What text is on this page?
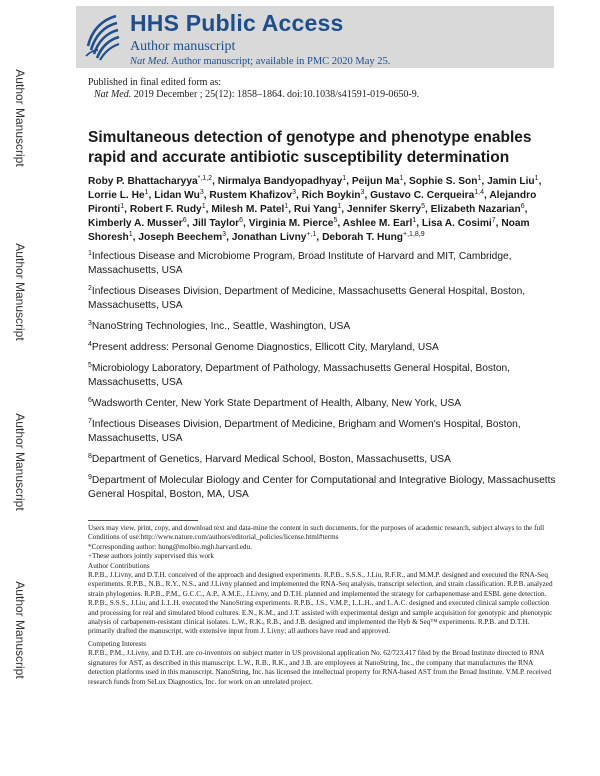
Author Manuscript
Author Manuscript
Author Manuscript
Author Manuscript
HHS Public Access
Author manuscript
Nat Med. Author manuscript; available in PMC 2020 May 25.
Published in final edited form as:
Nat Med. 2019 December ; 25(12): 1858–1864. doi:10.1038/s41591-019-0650-9.
Simultaneous detection of genotype and phenotype enables rapid and accurate antibiotic susceptibility determination
Roby P. Bhattacharyya$^{*,1,2}$, Nirmalya Bandyopadhyay$^1$, Peijun Ma$^1$, Sophie S. Son$^1$, Jamin Liu$^1$, Lorrie L. He$^1$, Lidan Wu$^3$, Rustem Khafizov$^3$, Rich Boykin$^3$, Gustavo C. Cerqueira$^{1,4}$, Alejandro Pironti$^1$, Robert F. Rudy$^1$, Milesh M. Patel$^1$, Rui Yang$^1$, Jennifer Skerry$^5$, Elizabeth Nazarian$^6$, Kimberly A. Musser$^6$, Jill Taylor$^6$, Virginia M. Pierce$^5$, Ashlee M. Earl$^1$, Lisa A. Cosimi$^7$, Noam Shoresh$^1$, Joseph Beechem$^3$, Jonathan Livny$^{+,1}$, Deborah T. Hung$^{+,1,8,9}$
$^1$Infectious Disease and Microbiome Program, Broad Institute of Harvard and MIT, Cambridge, Massachusetts, USA
$^2$Infectious Diseases Division, Department of Medicine, Massachusetts General Hospital, Boston, Massachusetts, USA
$^3$NanoString Technologies, Inc., Seattle, Washington, USA
$^4$Present address: Personal Genome Diagnostics, Ellicott City, Maryland, USA
$^5$Microbiology Laboratory, Department of Pathology, Massachusetts General Hospital, Boston, Massachusetts, USA
$^6$Wadsworth Center, New York State Department of Health, Albany, New York, USA
$^7$Infectious Diseases Division, Department of Medicine, Brigham and Women's Hospital, Boston, Massachusetts, USA
$^8$Department of Genetics, Harvard Medical School, Boston, Massachusetts, USA
$^9$Department of Molecular Biology and Center for Computational and Integrative Biology, Massachusetts General Hospital, Boston, MA, USA

Users may view, print, copy, and download text and data-mine the content in such documents, for the purposes of academic research, subject always to the full Conditions of use:http://www.nature.com/authors/editorial_policies/license.html#terms

*Corresponding author: hung@molbio.mgh.harvard.edu.

+These authors jointly supervised this work

Author Contributions

R.P.B., J.Livny, and D.T.H. conceived of the approach and designed experiments. R.P.B., S.S.S., J.Liu, R.F.R., and M.M.P. designed and executed the RNA-Seq experiments. R.P.B., N.B., R.Y., N.S., and J.Livny planned and implemented the RNA-Seq analysis, transcript selection, and strain classification. R.P.B. analyzed strain phylogenies. R.P.B., P.M., G.C.C., A.P., A.M.E., J.Livny, and D.T.H. planned and implemented the strategy for carbapenemase and ESBL gene detection. R.P.B., S.S.S., J.Liu, and L.L.H. executed the NanoString experiments. R.P.B., J.S., V.M.P., L.L.H., and L.A.C. designed and executed clinical sample collection and processing for real and simulated blood cultures. E.N., K.M., and J.T. assisted with experimental design and sample acquisition for genotypic and phenotypic analysis of carbapenem-resistant clinical isolates. L.W., R.K., R.B., and J.B. designed and implemented the Hyb & Seq™ experiments. R.P.B. and D.T.H. primarily drafted the manuscript, with extensive input from J. Livny; all authors have read and approved.

Competing Interests

R.P.B., P.M., J.Livny, and D.T.H. are co-inventors on subject matter in US provisional application No. 62/723,417 filed by the Broad Institute directed to RNA signatures for AST, as described in this manuscript. L.W., R.B., R.K., and J.B. are employees at NanoString, Inc., the company that manufactures the RNA detection platforms used in this manuscript. NanoString, Inc. has licensed the intellectual property for RNA-based AST from the Broad Institute. V.M.P. received research funds from SeLux Diagnostics, Inc. for work on an unrelated project.
